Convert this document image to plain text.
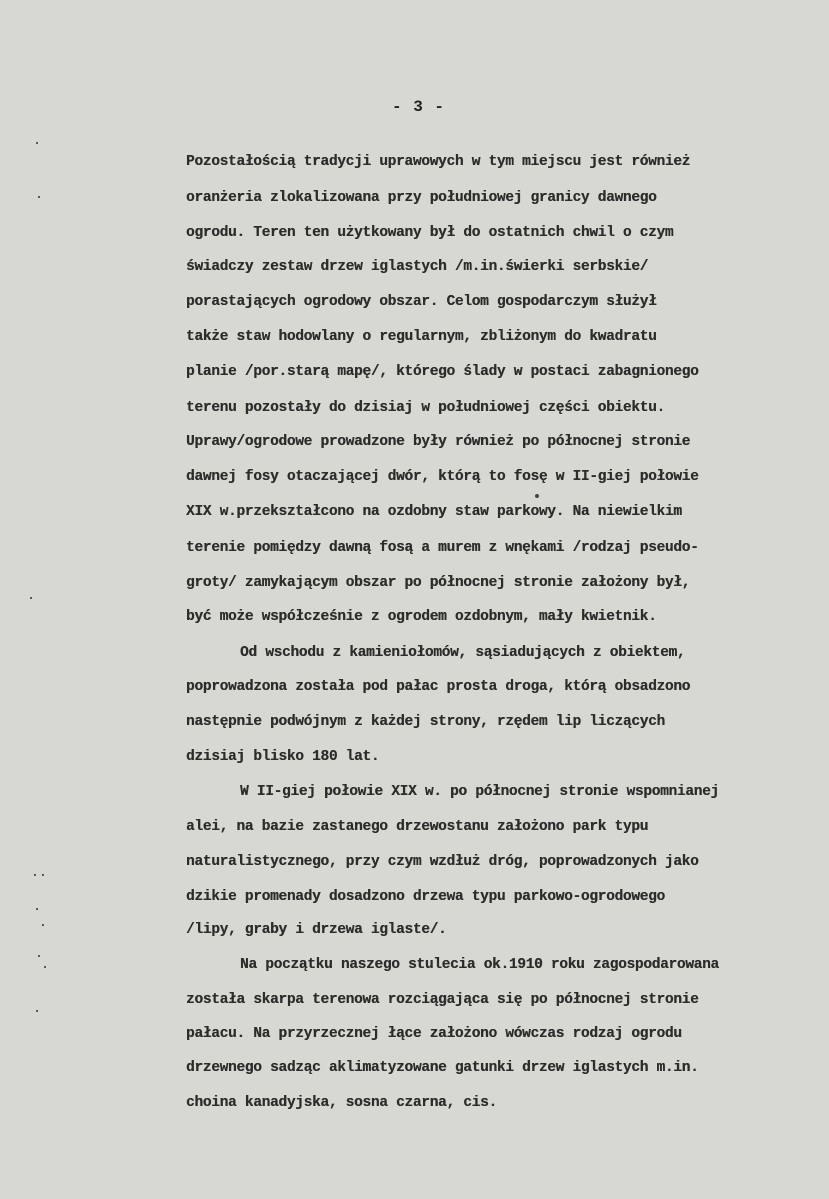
- 3 -
Pozostałością tradycji uprawowych w tym miejscu jest również
oranżeria zlokalizowana przy południowej granicy dawnego
ogrodu. Teren ten użytkowany był do ostatnich chwil o czym
świadczy zestaw drzew iglastych /m.in.świerki serbskie/
porastających ogrodowy obszar. Celom gospodarczym służył
także staw hodowlany o regularnym, zbliżonym do kwadratu
planie /por.starą mapę/, którego ślady w postaci zabagnionego
terenu pozostały do dzisiaj w południowej części obiektu.
Uprawy/ogrodowe prowadzone były również po północnej stronie
dawnej fosy otaczającej dwór, którą to fosę w II-giej połowie
XIX w.przekształcono na ozdobny staw parkowy. Na niewielkim
terenie pomiędzy dawną fosą a murem z wnękami /rodzaj pseudo-
groty/ zamykającym obszar po północnej stronie założony był,
być może współcześnie z ogrodem ozdobnym, mały kwietnik.
Od wschodu z kamieniołomów, sąsiadujących z obiektem,
poprowadzona została pod pałac prosta droga, którą obsadzono
następnie podwójnym z każdej strony, rzędem lip liczących
dzisiaj blisko 180 lat.
W II-giej połowie XIX w. po północnej stronie wspomnianej
alei, na bazie zastanego drzewostanu założono park typu
naturalistycznego, przy czym wzdłuż dróg, poprowadzonych jako
dzikie promenady dosadzono drzewa typu parkowo-ogrodowego
/lipy, graby i drzewa iglaste/.
Na początku naszego stulecia ok.1910 roku zagospodarowana
została skarpa terenowa rozciągająca się po północnej stronie
pałacu. Na przyrzecznej łące założono wówczas rodzaj ogrodu
drzewnego sadząc aklimatyzowane gatunki drzew iglastych m.in.
choina kanadyjska, sosna czarna, cis.
